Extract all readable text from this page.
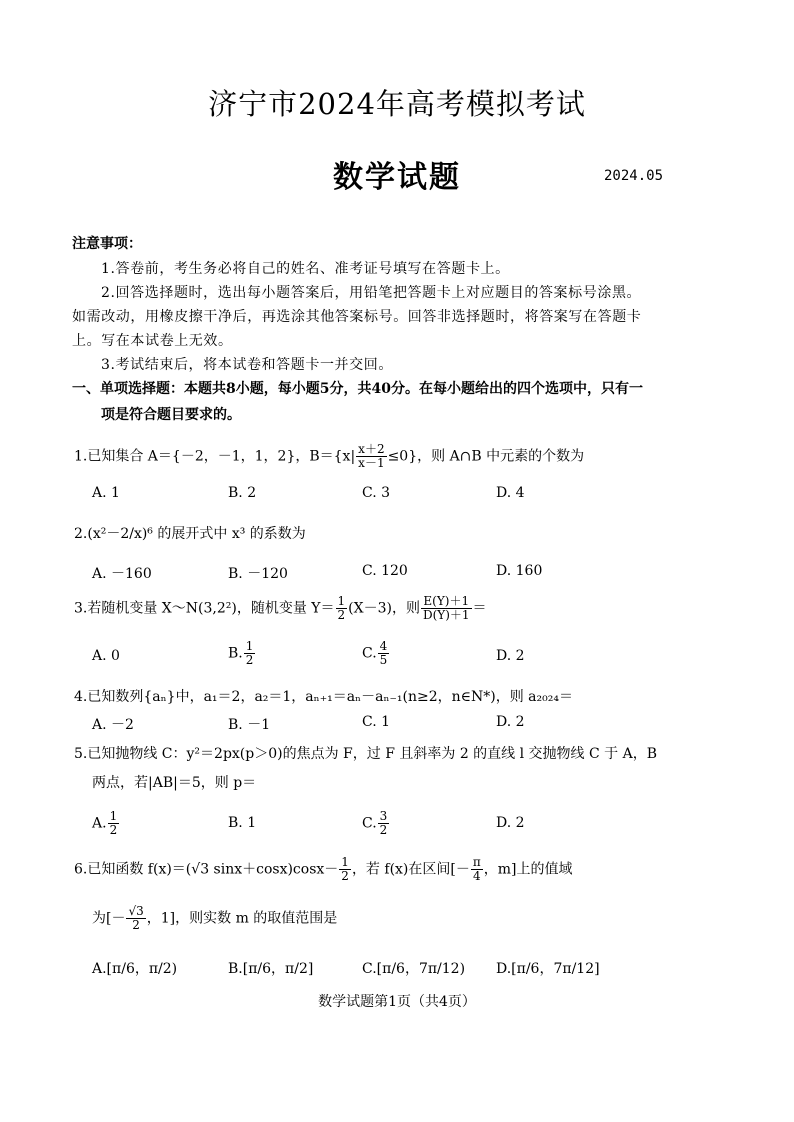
济宁市2024年高考模拟考试
数学试题	2024.05
注意事项：
1.答卷前，考生务必将自己的姓名、准考证号填写在答题卡上。
2.回答选择题时，选出每小题答案后，用铅笔把答题卡上对应题目的答案标号涂黑。
如需改动，用橡皮擦干净后，再选涂其他答案标号。回答非选择题时，将答案写在答题卡
上。写在本试卷上无效。
3.考试结束后，将本试卷和答题卡一并交回。
一、单项选择题：本题共8小题，每小题5分，共40分。在每小题给出的四个选项中，只有一
项是符合题目要求的。
1.已知集合 A＝{－2，－1，1，2}，$B=\{x| \frac{x+2}{x-1} \le 0\}$，则 A∩B 中元素的个数为
A. 1	B. 2	C. 3	D. 4
2.(x²－2/x)⁶ 的展开式中 x³ 的系数为
A. －160	B. －120	C. 120	D. 160
3.若随机变量 X～N(3,2²)，随机变量 $Y= \frac{1}{2} (X-3)$，则 $\frac{E(Y)+1}{D(Y)+1}$ ＝
A. 0	B. $\frac{1}{2}$	C. $\frac{4}{5}$	D. 2
4.已知数列{aₙ}中，a₁＝2，a₂＝1，aₙ₊₁＝aₙ－aₙ₋₁(n≥2，n∈N*)，则 a₂₀₂₄＝
A. －2	B. －1	C. 1	D. 2
5.已知抛物线 C：y²＝2px(p＞0)的焦点为 F，过 F 且斜率为 2 的直线 l 交抛物线 C 于 A，B
两点，若|AB|＝5，则 p＝
A. $\frac{1}{2}$	B. 1	C. $\frac{3}{2}$	D. 2
6.已知函数 f(x)＝(√3 $\sin x+\cos x)\cos x- \frac{1}{2}$ ，若 f(x)在区间[－ $\frac{\pi}{4}$ ，m]上的值域
为[－ $\frac{√3}{2}$ ，1]，则实数 m 的取值范围是
A.[π/6，π/2)	B.[π/6，π/2]	C.[π/6，7π/12) D.[π/6，7π/12]
数学试题第1页（共4页）
